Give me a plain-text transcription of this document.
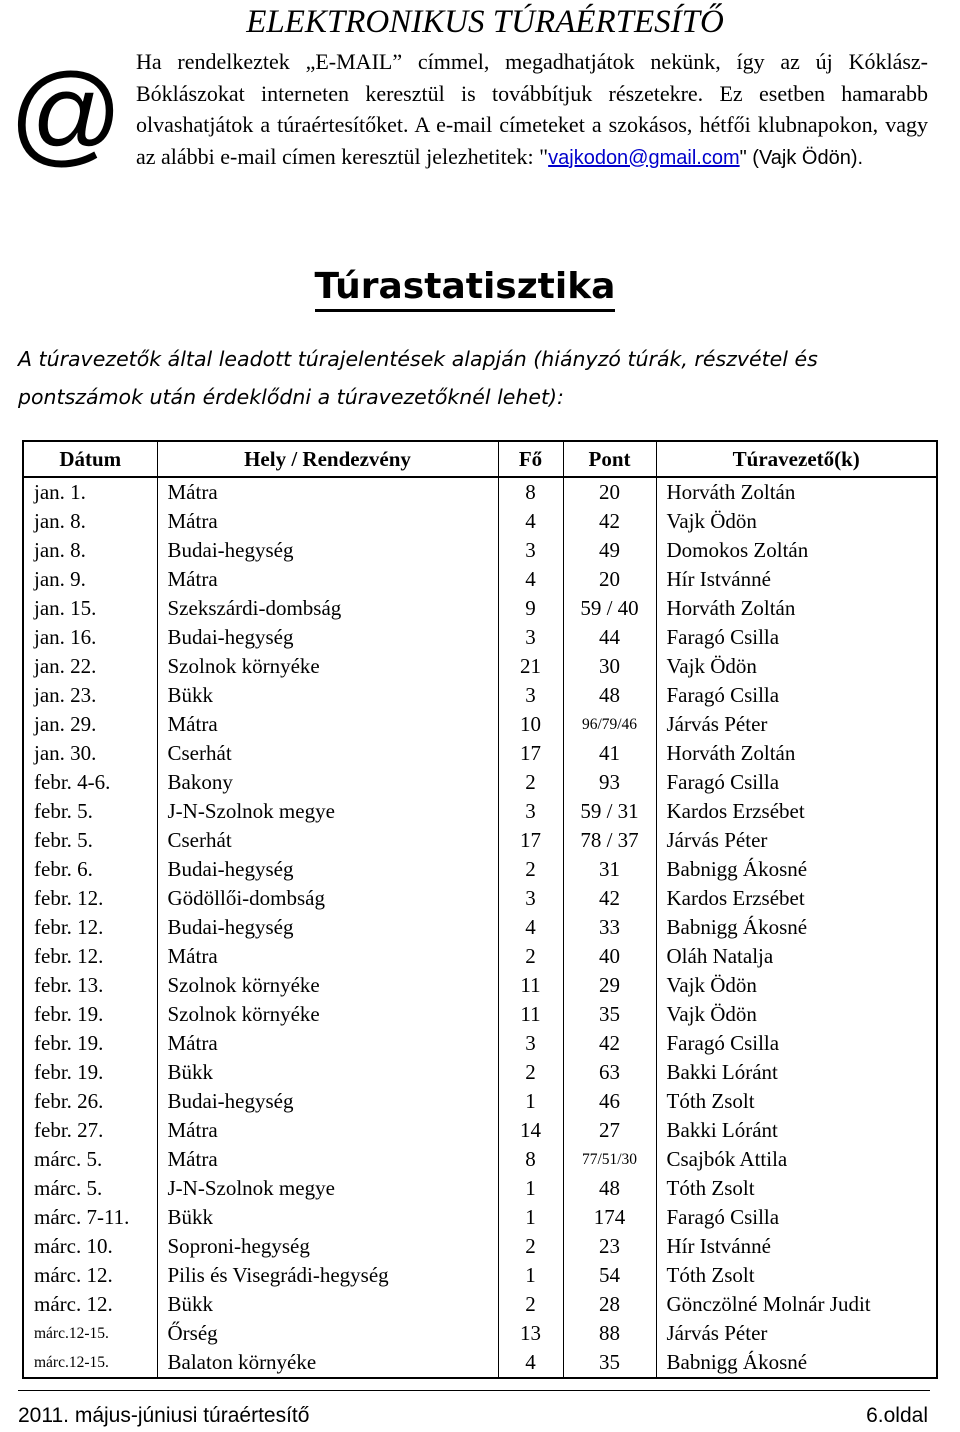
@
ELEKTRONIKUS TÚRAÉRTESÍTŐ
Ha rendelkeztek „E-MAIL” címmel, megadhatjátok nekünk, így az új Kóklász-Bóklászokat interneten keresztül is továbbítjuk részetekre. Ez esetben hamarabb olvashatjátok a túraértesítőket. A e-mail címeteket a szokásos, hétfői klubnapokon, vagy az alábbi e-mail címen keresztül jelezhetitek: "vajkodon@gmail.com" (Vajk Ödön).
Túrastatisztika
A túravezetők által leadott túrajelentések alapján (hiányzó túrák, részvétel és pontszámok után érdeklődni a túravezetőknél lehet):
Dátum	Hely / Rendezvény	Fő	Pont	Túravezető(k)
jan. 1.	Mátra	8	20	Horváth Zoltán
jan. 8.	Mátra	4	42	Vajk Ödön
jan. 8.	Budai-hegység	3	49	Domokos Zoltán
jan. 9.	Mátra	4	20	Hír Istvánné
jan. 15.	Szekszárdi-dombság	9	59 / 40	Horváth Zoltán
jan. 16.	Budai-hegység	3	44	Faragó Csilla
jan. 22.	Szolnok környéke	21	30	Vajk Ödön
jan. 23.	Bükk	3	48	Faragó Csilla
jan. 29.	Mátra	10	96/79/46	Járvás Péter
jan. 30.	Cserhát	17	41	Horváth Zoltán
febr. 4-6.	Bakony	2	93	Faragó Csilla
febr. 5.	J-N-Szolnok megye	3	59 / 31	Kardos Erzsébet
febr. 5.	Cserhát	17	78 / 37	Járvás Péter
febr. 6.	Budai-hegység	2	31	Babnigg Ákosné
febr. 12.	Gödöllői-dombság	3	42	Kardos Erzsébet
febr. 12.	Budai-hegység	4	33	Babnigg Ákosné
febr. 12.	Mátra	2	40	Oláh Natalja
febr. 13.	Szolnok környéke	11	29	Vajk Ödön
febr. 19.	Szolnok környéke	11	35	Vajk Ödön
febr. 19.	Mátra	3	42	Faragó Csilla
febr. 19.	Bükk	2	63	Bakki Lóránt
febr. 26.	Budai-hegység	1	46	Tóth Zsolt
febr. 27.	Mátra	14	27	Bakki Lóránt
márc. 5.	Mátra	8	77/51/30	Csajbók Attila
márc. 5.	J-N-Szolnok megye	1	48	Tóth Zsolt
márc. 7-11.	Bükk	1	174	Faragó Csilla
márc. 10.	Soproni-hegység	2	23	Hír Istvánné
márc. 12.	Pilis és Visegrádi-hegység	1	54	Tóth Zsolt
márc. 12.	Bükk	2	28	Gönczölné Molnár Judit
márc.12-15.	Őrség	13	88	Járvás Péter
márc.12-15.	Balaton környéke	4	35	Babnigg Ákosné
2011. május-júniusi túraértesítő	6.oldal
